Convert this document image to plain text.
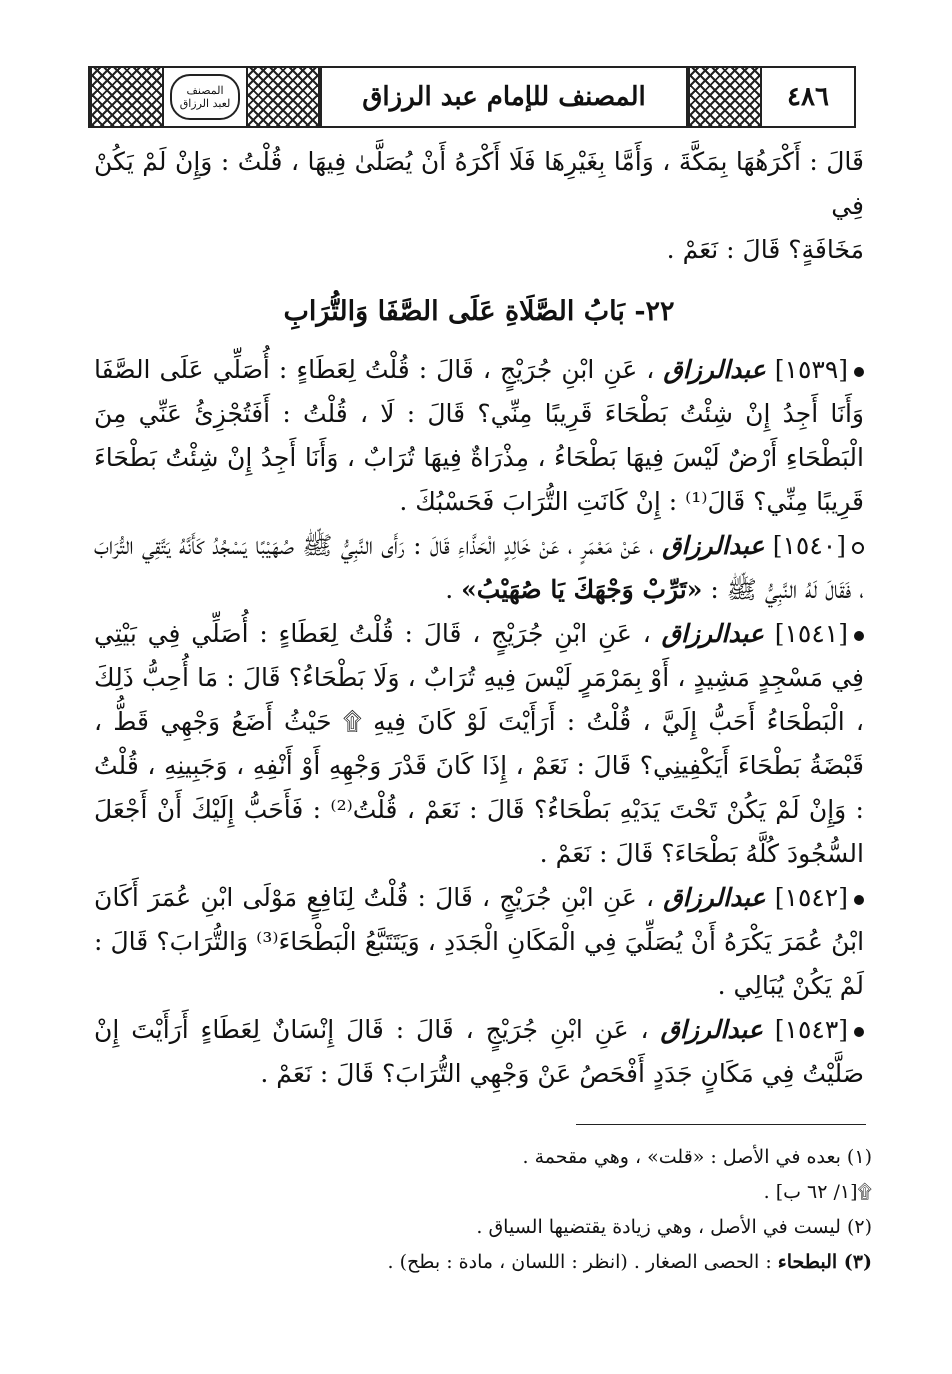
المصنف
لعبد الرزاق	المصنف للإمام عبد الرزاق	٤٨٦

قَالَ : أَكْرَهُهَا بِمَكَّةَ ، وَأَمَّا بِغَيْرِهَا فَلَا أَكْرَهُ أَنْ يُصَلَّىٰ فِيهَا ، قُلْتُ : وَإِنْ لَمْ يَكُنْ فِي

مَخَافَةٍ؟ قَالَ : نَعَمْ .

٢٢- بَابُ الصَّلَاةِ عَلَى الصَّفَا وَالتُّرَابِ

[١٥٣٩] عبدالرزاق ، عَنِ ابْنِ جُرَيْجٍ ، قَالَ : قُلْتُ لِعَطَاءٍ : أُصَلِّي عَلَى الصَّفَا وَأَنَا أَجِدُ إِنْ شِئْتُ بَطْحَاءَ قَرِيبًا مِنِّي؟ قَالَ : لَا ، قُلْتُ : أَفَتُجْزِئُ عَنِّي مِنَ الْبَطْحَاءِ أَرْضٌ لَيْسَ فِيهَا بَطْحَاءُ ، مِذْرَاةٌ فِيهَا تُرَابٌ ، وَأَنَا أَجِدُ إِنْ شِئْتُ بَطْحَاءَ قَرِيبًا مِنِّي؟ قَالَ⁽¹⁾ : إِنْ كَانَتِ التُّرَابَ فَحَسْبُكَ .

[١٥٤٠] عبدالرزاق ، عَنْ مَعْمَرٍ ، عَنْ خَالِدٍ الْحَذَّاءِ قَالَ : رَأَى النَّبِيُّ ﷺ صُهَيْبًا يَسْجُدُ كَأَنَّهُ يَتَّقِي التُّرَابَ ، فَقَالَ لَهُ النَّبِيُّ ﷺ : «تَرِّبْ وَجْهَكَ يَا صُهَيْبُ» .

[١٥٤١] عبدالرزاق ، عَنِ ابْنِ جُرَيْجٍ ، قَالَ : قُلْتُ لِعَطَاءٍ : أُصَلِّي فِي بَيْتِي فِي مَسْجِدٍ مَشِيدٍ ، أَوْ بِمَرْمَرٍ لَيْسَ فِيهِ تُرَابٌ ، وَلَا بَطْحَاءُ؟ قَالَ : مَا أُحِبُّ ذَلِكَ ، الْبَطْحَاءُ أَحَبُّ إِلَيَّ ، قُلْتُ : أَرَأَيْتَ لَوْ كَانَ فِيهِ ۩ حَيْثُ أَضَعُ وَجْهِي قَطُّ ، قَبْضَةُ بَطْحَاءَ أَيَكْفِينِي؟ قَالَ : نَعَمْ ، إِذَا كَانَ قَدْرَ وَجْهِهِ أَوْ أَنْفِهِ ، وَجَبِينِهِ ، قُلْتُ : وَإِنْ لَمْ يَكُنْ تَحْتَ يَدَيْهِ بَطْحَاءُ؟ قَالَ : نَعَمْ ، قُلْتُ⁽²⁾ : فَأَحَبُّ إِلَيْكَ أَنْ أَجْعَلَ السُّجُودَ كُلَّهُ بَطْحَاءَ؟ قَالَ : نَعَمْ .

[١٥٤٢] عبدالرزاق ، عَنِ ابْنِ جُرَيْجٍ ، قَالَ : قُلْتُ لِنَافِعٍ مَوْلَى ابْنِ عُمَرَ أَكَانَ ابْنُ عُمَرَ يَكْرَهُ أَنْ يُصَلِّيَ فِي الْمَكَانِ الْجَدَدِ ، وَيَتَتَبَّعُ الْبَطْحَاءَ⁽³⁾ وَالتُّرَابَ؟ قَالَ : لَمْ يَكُنْ يُبَالِي .

[١٥٤٣] عبدالرزاق ، عَنِ ابْنِ جُرَيْجٍ ، قَالَ : قَالَ إِنْسَانٌ لِعَطَاءٍ أَرَأَيْتَ إِنْ صَلَّيْتُ فِي مَكَانٍ جَدَدٍ أَفْحَصُ عَنْ وَجْهِي التُّرَابَ؟ قَالَ : نَعَمْ .

(١) بعده في الأصل : «قلت» ، وهي مقحمة .

۩[١/ ٦٢ ب] .

(٢) ليست في الأصل ، وهي زيادة يقتضيها السياق .

(٣) البطحاء : الحصى الصغار . (انظر : اللسان ، مادة : بطح) .
